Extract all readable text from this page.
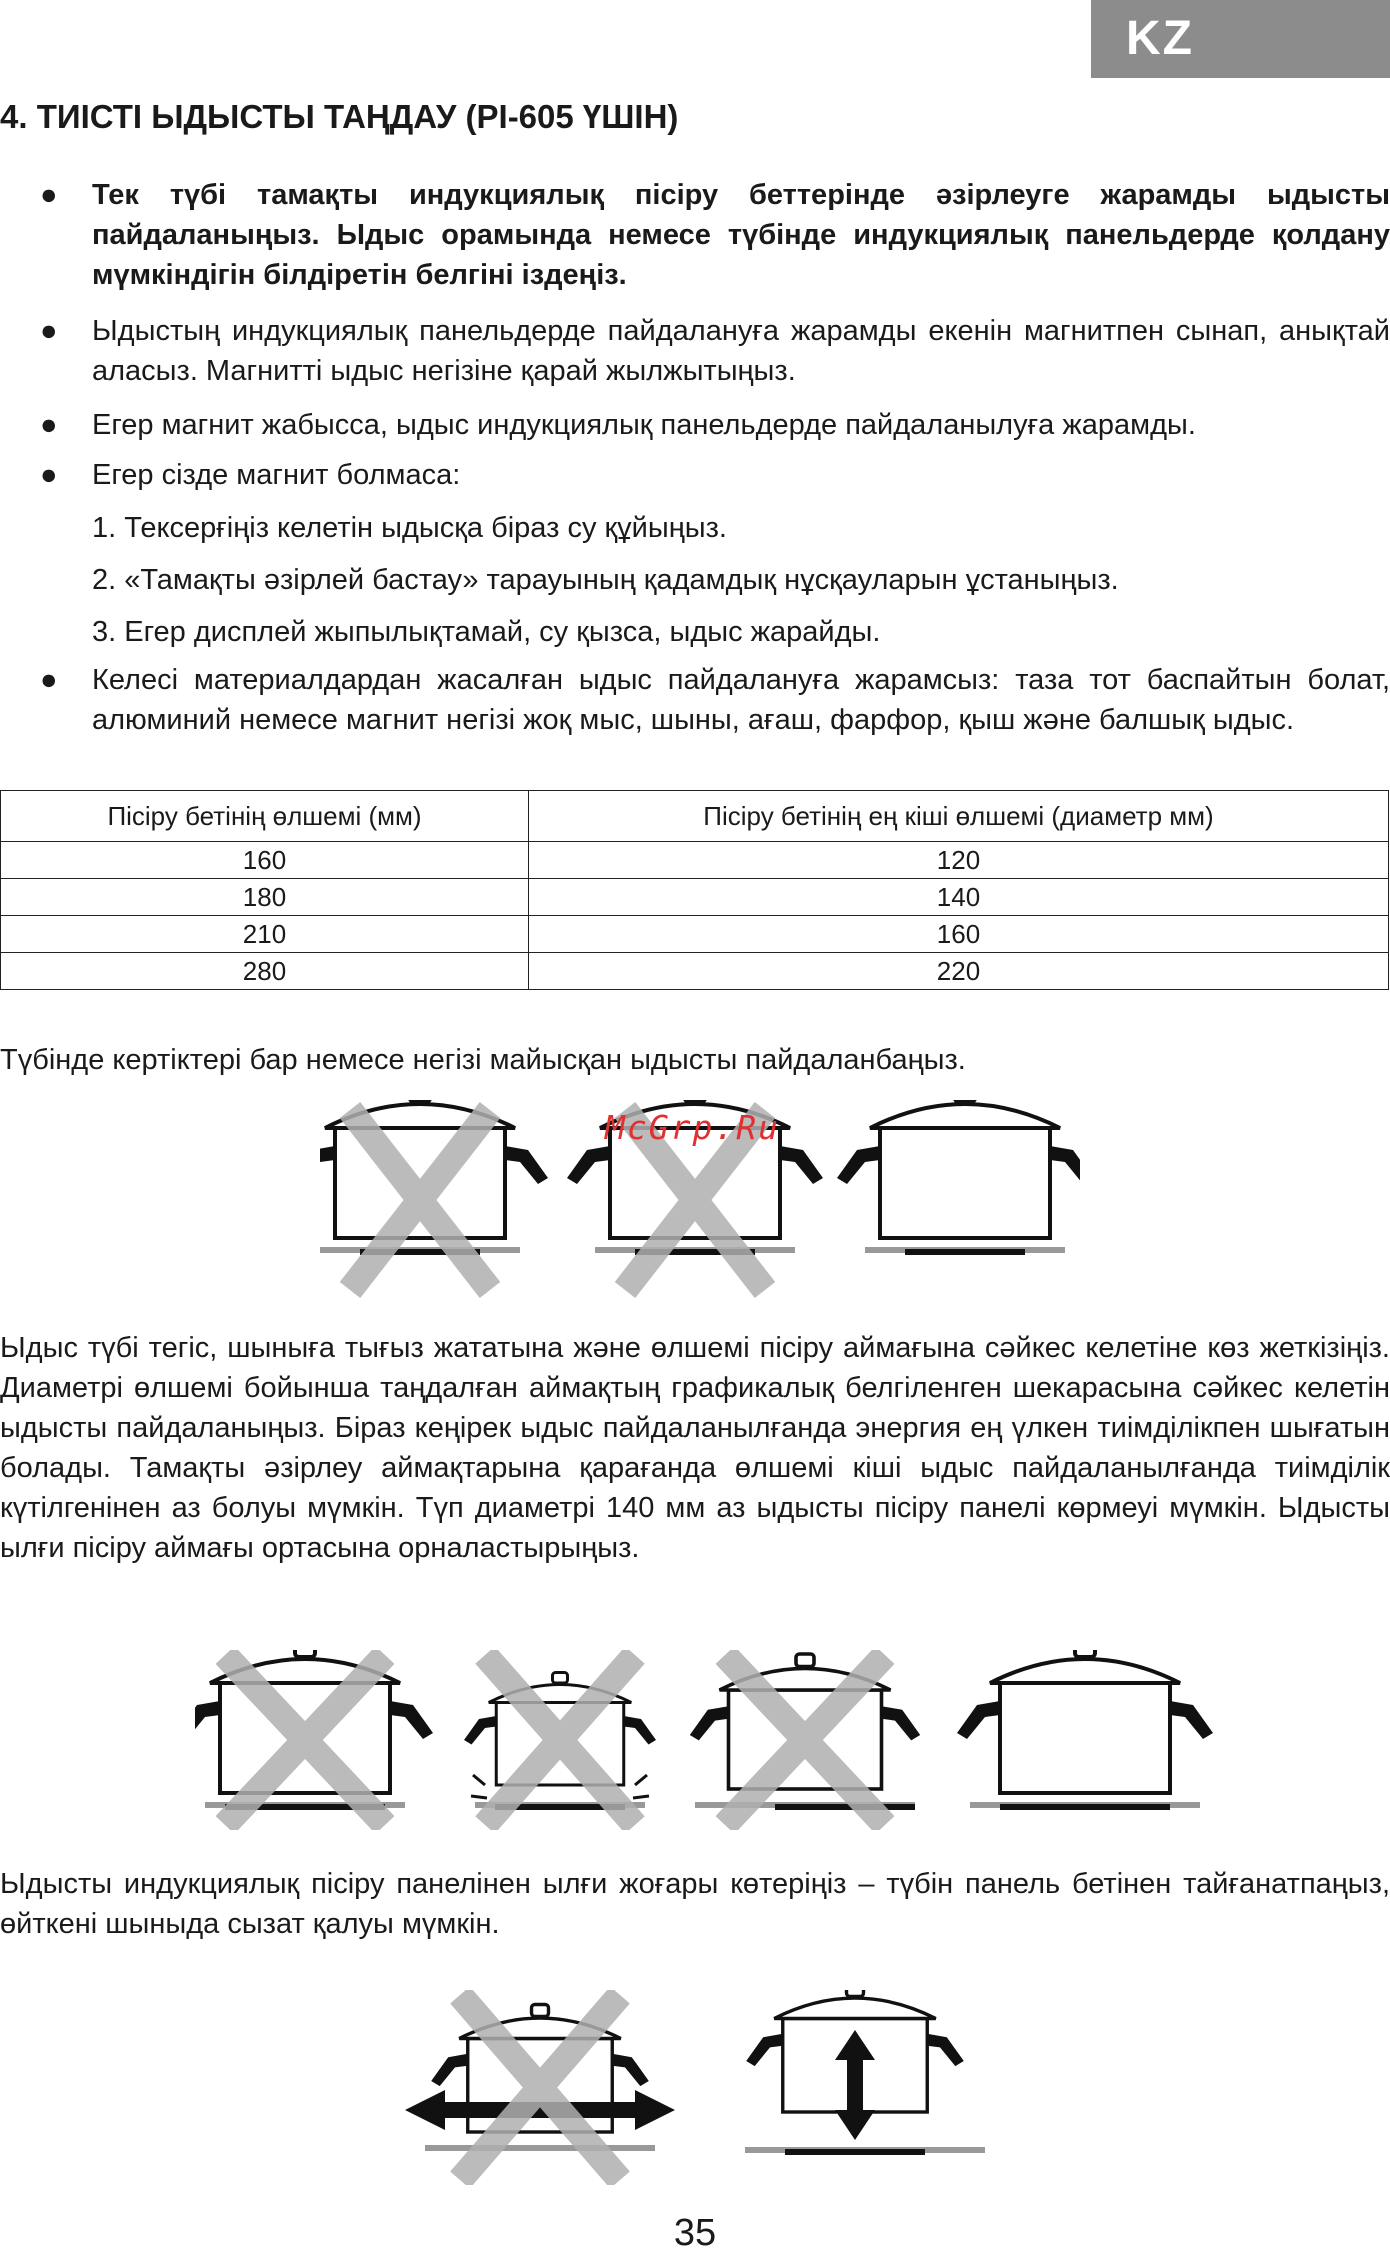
KZ
4. ТИІСТІ ЫДЫСТЫ ТАҢДАУ (PI-605 ҮШІН)
●	Тек түбі тамақты индукциялық пісіру беттерінде әзірлеуге жарамды ыдысты пайдаланыңыз. Ыдыс орамында немесе түбінде индукциялық панельдерде қолдану мүмкіндігін білдіретін белгіні іздеңіз.
●	Ыдыстың индукциялық панельдерде пайдалануға жарамды екенін магнитпен сынап, анықтай аласыз. Магнитті ыдыс негізіне қарай жылжытыңыз.
●	Егер магнит жабысса, ыдыс индукциялық панельдерде пайдаланылуға жарамды.
●	Егер сізде магнит болмаса:
1. Тексерғіңіз келетін ыдысқа біраз су құйыңыз.
2. «Тамақты әзірлей бастау» тарауының қадамдық нұсқауларын ұстаныңыз.
3. Егер дисплей жыпылықтамай, су қызса, ыдыс жарайды.
●	Келесі материалдардан жасалған ыдыс пайдалануға жарамсыз: таза тот баспайтын болат, алюминий немесе магнит негізі жоқ мыс, шыны, ағаш, фарфор, қыш және балшық ыдыс.
Пісіру бетінің өлшемі (мм)	Пісіру бетінің ең кіші өлшемі (диаметр мм)
160	120
180	140
210	160
280	220
Түбінде кертіктері бар немесе негізі майысқан ыдысты пайдаланбаңыз.
McGrp.Ru
Ыдыс түбі тегіс, шыныға тығыз жататына және өлшемі пісіру аймағына сәйкес келетіне көз жеткізіңіз. Диаметрі өлшемі бойынша таңдалған аймақтың графикалық белгіленген шекарасына сәйкес келетін ыдысты пайдаланыңыз. Біраз кеңірек ыдыс пайдаланылғанда энергия ең үлкен тиімділікпен шығатын болады. Тамақты әзірлеу аймақтарына қарағанда өлшемі кіші ыдыс пайдаланылғанда тиімділік күтілгенінен аз болуы мүмкін. Түп диаметрі 140 мм аз ыдысты пісіру панелі көрмеуі мүмкін. Ыдысты ылғи пісіру аймағы ортасына орналастырыңыз.
Ыдысты индукциялық пісіру панелінен ылғи жоғары көтеріңіз – түбін панель бетінен тайғанатпаңыз, өйткені шыныда сызат қалуы мүмкін.
35
